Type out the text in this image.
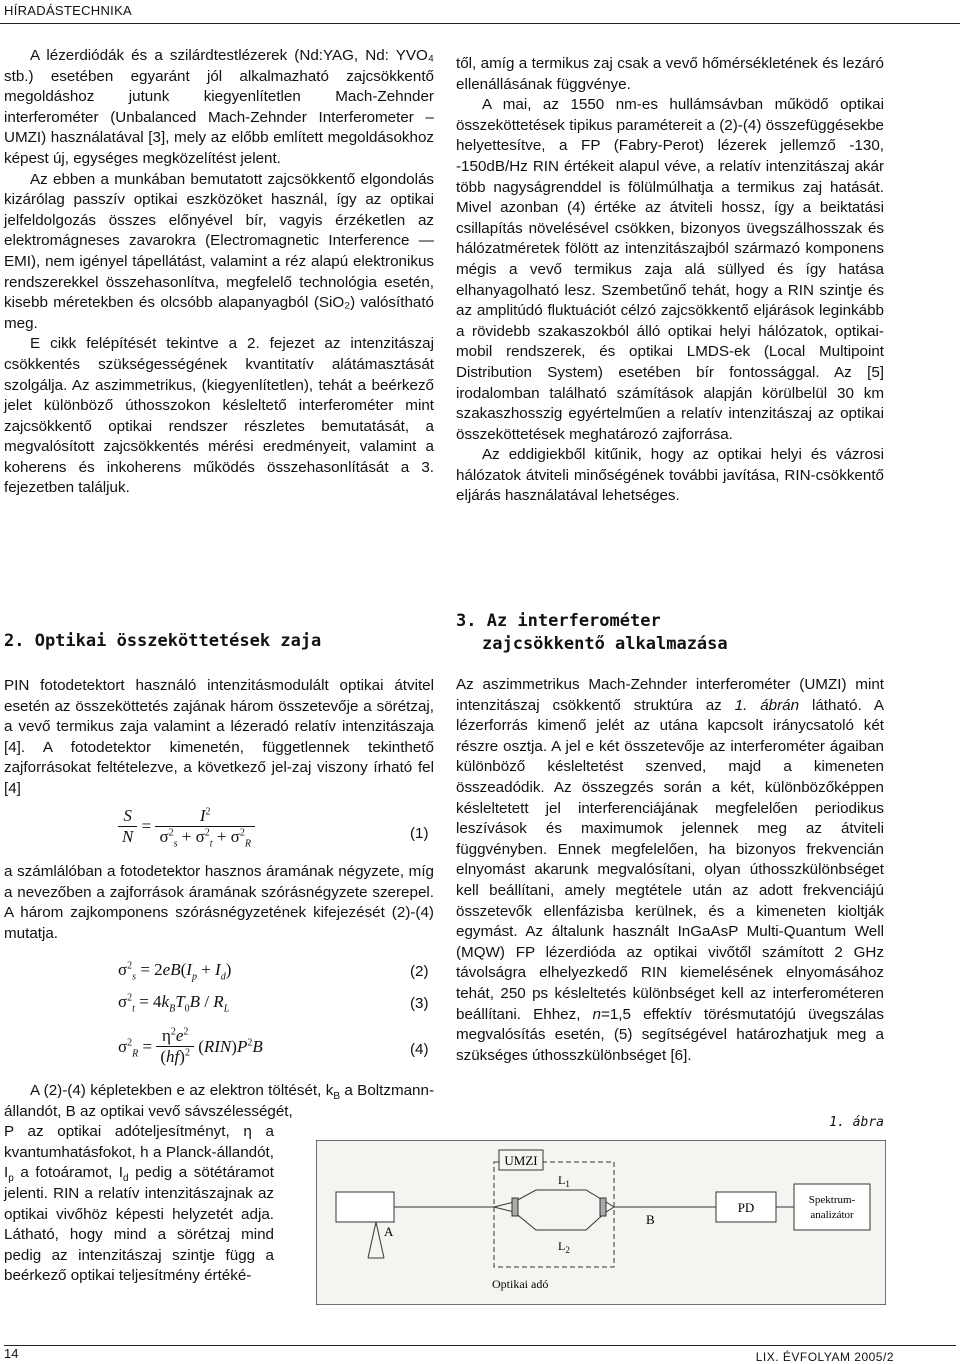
HÍRADÁSTECHNIKA

A lézerdiódák és a szilárdtestlézerek (Nd:YAG, Nd: YVO₄ stb.) esetében egyaránt jól alkalmazható zajcsökkentő megoldáshoz jutunk kiegyenlítetlen Mach-Zehnder interferométer (Unbalanced Mach-Zehnder Interferometer – UMZI) használatával [3], mely az előbb említett megoldásokhoz képest új, egységes megközelítést jelent.

Az ebben a munkában bemutatott zajcsökkentő elgondolás kizárólag passzív optikai eszközöket használ, így az optikai jelfeldolgozás összes előnyével bír, vagyis érzéketlen az elektromágneses zavarokra (Electromagnetic Interference — EMI), nem igényel tápellátást, valamint a réz alapú elektronikus rendszerekkel összehasonlítva, megfelelő technológia esetén, kisebb méretekben és olcsóbb alapanyagból (SiO₂) valósítható meg.

E cikk felépítését tekintve a 2. fejezet az intenzitászaj csökkentés szükségességének kvantitatív alátámasztását szolgálja. Az aszimmetrikus, (kiegyenlítetlen), tehát a beérkező jelet különböző úthosszokon késleltető interferométer mint zajcsökkentő optikai rendszer részletes bemutatását, a megvalósított zajcsökkentés mérési eredményeit, valamint a koherens és inkoherens működés összehasonlítását a 3. fejezetben találjuk.

től, amíg a termikus zaj csak a vevő hőmérsékletének és lezáró ellenállásának függvénye.

A mai, az 1550 nm-es hullámsávban működő optikai összeköttetések tipikus paramétereit a (2)-(4) összefüggésekbe helyettesítve, a FP (Fabry-Perot) lézerek jellemző -130, -150dB/Hz RIN értékeit alapul véve, a relatív intenzitászaj akár több nagyságrenddel is fölülmúlhatja a termikus zaj hatását. Mivel azonban (4) értéke az átviteli hossz, így a beiktatási csillapítás növelésével csökken, bizonyos üvegszálhosszak és hálózatméretek fölött az intenzitászajból származó komponens mégis a vevő termikus zaja alá süllyed és így hatása elhanyagolható lesz. Szembetűnő tehát, hogy a RIN szintje és az amplitúdó fluktuációt célzó zajcsökkentő eljárások leginkább a rövidebb szakaszokból álló optikai helyi hálózatok, optikai-mobil rendszerek, és optikai LMDS-ek (Local Multipoint Distribution System) esetében bír fontossággal. Az [5] irodalomban található számítások alapján körülbelül 30 km szakaszhosszig egyértelműen a relatív intenzitászaj az optikai összeköttetések meghatározó zajforrása.

Az eddigiekből kitűnik, hogy az optikai helyi és vázrosi hálózatok átviteli minőségének további javítása, RIN-csökkentő eljárás használatával lehetséges.

2. Optikai összeköttetések zaja
3. Az interferométer
zajcsökkentő alkalmazása

PIN fotodetektort használó intenzitásmodulált optikai átvitel esetén az összeköttetés zajának három összetevője a sörétzaj, a vevő termikus zaja valamint a lézeradó relatív intenzitászaja [4]. A fotodetektor kimenetén, függetlennek tekinthető zajforrásokat feltételezve, a következő jel-zaj viszony írható fel [4]

$\frac{S}{N} = \frac{I^2}{\sigma^2_s + \sigma^2_t + \sigma^2_R}$	(1)

a számlálóban a fotodetektor hasznos áramának négyzete, míg a nevezőben a zajforrások áramának szórásnégyzete szerepel. A három zajkomponens szórásnégyzetének kifejezését (2)-(4) mutatja.

$\sigma^2_s = 2eB(I_p + I_d)$	(2)
$\sigma^2_t = 4k_BT_0B / R_L$	(3)
$\sigma^2_R = \frac{\eta^2e^2}{(hf)^2} (RIN)P^2B$	(4)

A (2)-(4) képletekben e az elektron töltését, $k_B$ a Boltzmann-állandót, B az optikai vevő sávszélességét,

P az optikai adóteljesítményt, η a kvantumhatásfokot, h a Planck-állandót, $I_p$ a fotoáramot, $I_d$ pedig a sötétáramot jelenti. RIN a relatív intenzitászajnak az optikai vivőhöz képesti helyzetét adja. Látható, hogy mind a sörétzaj mind pedig az intenzitászaj szintje függ a beérkező optikai teljesítmény értéké-

Az aszimmetrikus Mach-Zehnder interferométer (UMZI) mint intenzitászaj csökkentő struktúra az 1. ábrán látható. A lézerforrás kimenő jelét az utána kapcsolt iránycsatoló két részre osztja. A jel e két összetevője az interferométer ágaiban különböző késleltetést szenved, majd a kimeneten összeadódik. Az összegzés során a két, különbözőképpen késleltetett jel interferenciájának megfelelően periodikus leszívások és maximumok jelennek meg az átviteli függvényben. Ennek megfelelően, ha bizonyos frekvencián elnyomást akarunk megvalósítani, olyan úthosszkülönbséget kell beállítani, amely megtétele után az adott frekvenciájú összetevők ellenfázisba kerülnek, és a kimeneten kioltják egymást. Az általunk használt InGaAsP Multi-Quantum Well (MQW) FP lézerdióda az optikai vivőtől számított 2 GHz távolságra elhelyezkedő RIN kiemelésének elnyomásához tehát, 250 ps késleltetés különbséget kell az interferométeren beállítani. Ehhez, n=1,5 effektív törésmutatójú üvegszálas megvalósítás esetén, (5) segítségével határozhatjuk meg a szükséges úthosszkülönbséget [6].

1. ábra
UMZI
A
$L_1$
$L_2$
B
PD	Spektrum-
analizátor
Optikai adó
14	LIX. ÉVFOLYAM 2005/2
